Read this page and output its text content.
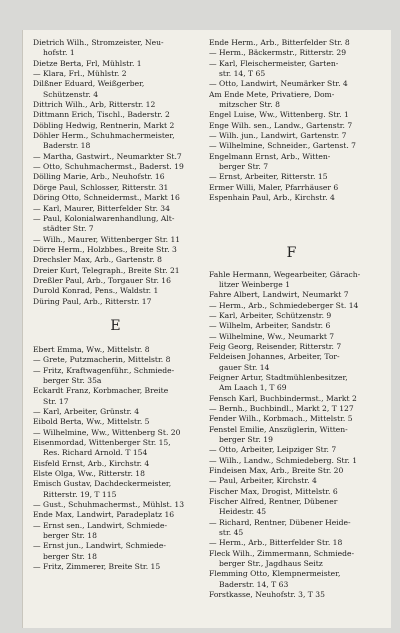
Dietrich Wilh., Stromzeister, Neu-
hofstr. 1
Dietze Berta, Frl, Mühlstr. 1
— Klara, Frl., Mühlstr. 2
Dilßner Eduard, Weißgerber,
Schützenstr. 4
Dittrich Wilh., Arb, Ritterstr. 12
Dittmann Erich, Tischl., Baderstr. 2
Döbling Hedwig, Rentnerin, Markt 2
Döhler Herm., Schuhmachermeister,
Baderstr. 18
— Martha, Gastwirt., Neumarkter St.7
— Otto, Schuhmachermst., Baderst. 19
Dölling Marie, Arb., Neuhofstr. 16
Dörge Paul, Schlosser, Ritterstr. 31
Döring Otto, Schneidermst., Markt 16
— Karl, Maurer, Bitterfelder Str. 34
— Paul, Kolonialwarenhandlung, Alt-
städter Str. 7
— Wilh., Maurer, Wittenberger Str. 11
Dörre Herm., Holzbbes., Breite Str. 3
Drechsler Max, Arb., Gartenstr. 8
Dreier Kurt, Telegraph., Breite Str. 21
Dreßler Paul, Arb., Torgauer Str. 16
Durold Konrad, Pens., Waldstr. 1
Düring Paul, Arb., Ritterstr. 17
E
Ebert Emma, Ww., Mittelstr. 8
— Grete, Putzmacherin, Mittelstr. 8
— Fritz, Kraftwagenführ., Schmiede-
berger Str. 35a
Eckardt Franz, Korbmacher, Breite
Str. 17
— Karl, Arbeiter, Grünstr. 4
Eibold Berta, Ww., Mittelstr. 5
— Wilhelmine, Ww., Wittenberg St. 20
Eisenmordad, Wittenberger Str. 15,
Res. Richard Arnold. T 154
Eisfeld Ernst, Arb., Kirchstr. 4
Elste Olga, Ww., Ritterstr. 18
Emisch Gustav, Dachdeckermeister,
Ritterstr. 19, T 115
— Gust., Schuhmachermst., Mühlst. 13
Ende Max, Landwirt, Paradeplatz 16
— Ernst sen., Landwirt, Schmiede-
berger Str. 18
— Ernst jun., Landwirt, Schmiede-
berger Str. 18
— Fritz, Zimmerer, Breite Str. 15
Ende Herm., Arb., Bitterfelder Str. 8
— Herm., Bäckermstr., Ritterstr. 29
— Karl, Fleischermeister, Garten-
str. 14, T 65
— Otto, Landwirt, Neumärker Str. 4
Am Ende Mete, Privatiere, Dom-
mitzscher Str. 8
Engel Luise, Ww., Wittenberg. Str. 1
Enge Wilh. sen., Landw., Gartenstr. 7
— Wilh. jun., Landwirt, Gartenstr. 7
— Wilhelmine, Schneider., Gartenst. 7
Engelmann Ernst, Arb., Witten-
berger Str. 7
— Ernst, Arbeiter, Ritterstr. 15
Ermer Willi, Maler, Pfarrhäuser 6
Espenhain Paul, Arb., Kirchstr. 4
F
Fahle Hermann, Wegearbeiter, Gärach-
litzer Weinberge 1
Fahre Albert, Landwirt, Neumarkt 7
— Herm., Arb., Schmiedeberger St. 14
— Karl, Arbeiter, Schützenstr. 9
— Wilhelm, Arbeiter, Sandstr. 6
— Wilhelmine, Ww., Neumarkt 7
Feig Georg, Reisender, Ritterstr. 7
Feldeisen Johannes, Arbeiter, Tor-
gauer Str. 14
Feigner Artur, Stadtmühlenbesitzer,
Am Laach 1, T 69
Fensch Karl, Buchbindermst., Markt 2
— Bernh., Buchbindl., Markt 2, T 127
Fender Wilh., Korbmach., Mittelstr. 5
Fenstel Emilie, Anszüglerin, Witten-
berger Str. 19
— Otto, Arbeiter, Leipziger Str. 7
— Wilh., Landw., Schmiedeberg. Str. 1
Findeisen Max, Arb., Breite Str. 20
— Paul, Arbeiter, Kirchstr. 4
Fischer Max, Drogist, Mittelstr. 6
Fischer Alfred, Rentner, Dübener
Heidestr. 45
— Richard, Rentner, Dübener Heide-
str. 45
— Herm., Arb., Bitterfelder Str. 18
Fleck Wilh., Zimmermann, Schmiede-
berger Str., Jagdhaus Seitz
Flemming Otto, Klempnermeister,
Baderstr. 14, T 63
Forstkasse, Neuhofstr. 3, T 35
